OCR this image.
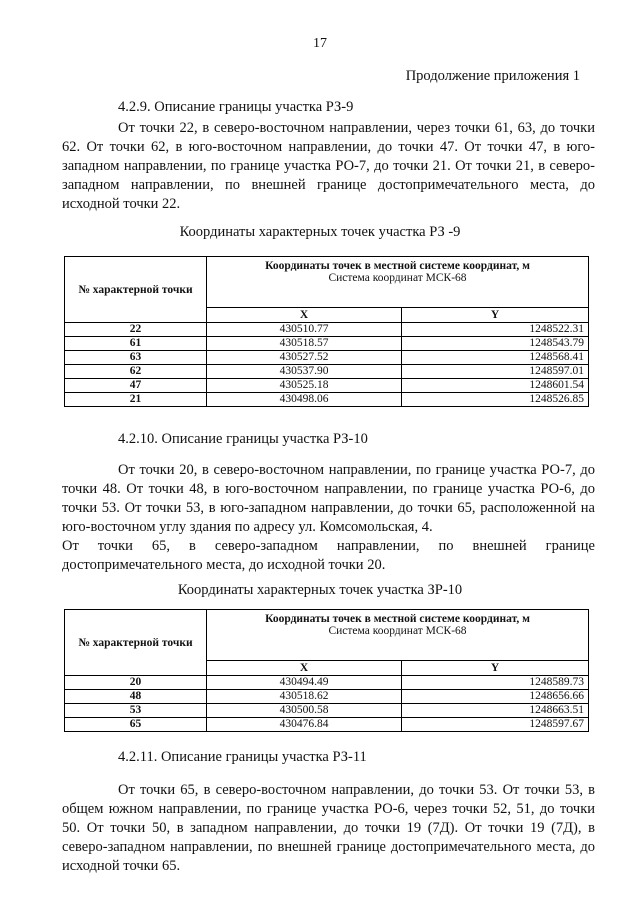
17
Продолжение приложения 1
4.2.9. Описание границы участка РЗ-9
От точки 22, в северо-восточном направлении, через точки 61, 63, до точки 62. От точки 62, в юго-восточном направлении, до точки 47. От точки 47, в юго-западном направлении, по границе участка РО-7, до точки 21. От точки 21, в северо-западном направлении, по внешней границе достопримечательного места, до исходной точки 22.
Координаты характерных точек участка РЗ -9
№ характерной точки	Координаты точек в местной системе координат, м
Система координат МСК-68	

	X	Y
22	430510.77	1248522.31
61	430518.57	1248543.79
63	430527.52	1248568.41
62	430537.90	1248597.01
47	430525.18	1248601.54
21	430498.06	1248526.85
4.2.10. Описание границы участка РЗ-10
От точки 20, в северо-восточном направлении, по границе участка РО-7, до точки 48. От точки 48, в юго-восточном направлении, по границе участка РО-6, до точки 53. От точки 53, в юго-западном направлении, до точки 65, расположенной на юго-восточном углу здания по адресу ул. Комсомольская, 4.
От точки 65, в северо-западном направлении, по внешней границе достопримечательного места, до исходной точки 20.
Координаты характерных точек участка ЗР-10
№ характерной точки	Координаты точек в местной системе координат, м
Система координат МСК-68	

	X	Y
20	430494.49	1248589.73
48	430518.62	1248656.66
53	430500.58	1248663.51
65	430476.84	1248597.67
4.2.11. Описание границы участка РЗ-11
От точки 65, в северо-восточном направлении, до точки 53. От точки 53, в общем южном направлении, по границе участка РО-6, через точки 52, 51, до точки 50. От точки 50, в западном направлении, до точки 19 (7Д). От точки 19 (7Д), в северо-западном направлении, по внешней границе достопримечательного места, до исходной точки 65.
